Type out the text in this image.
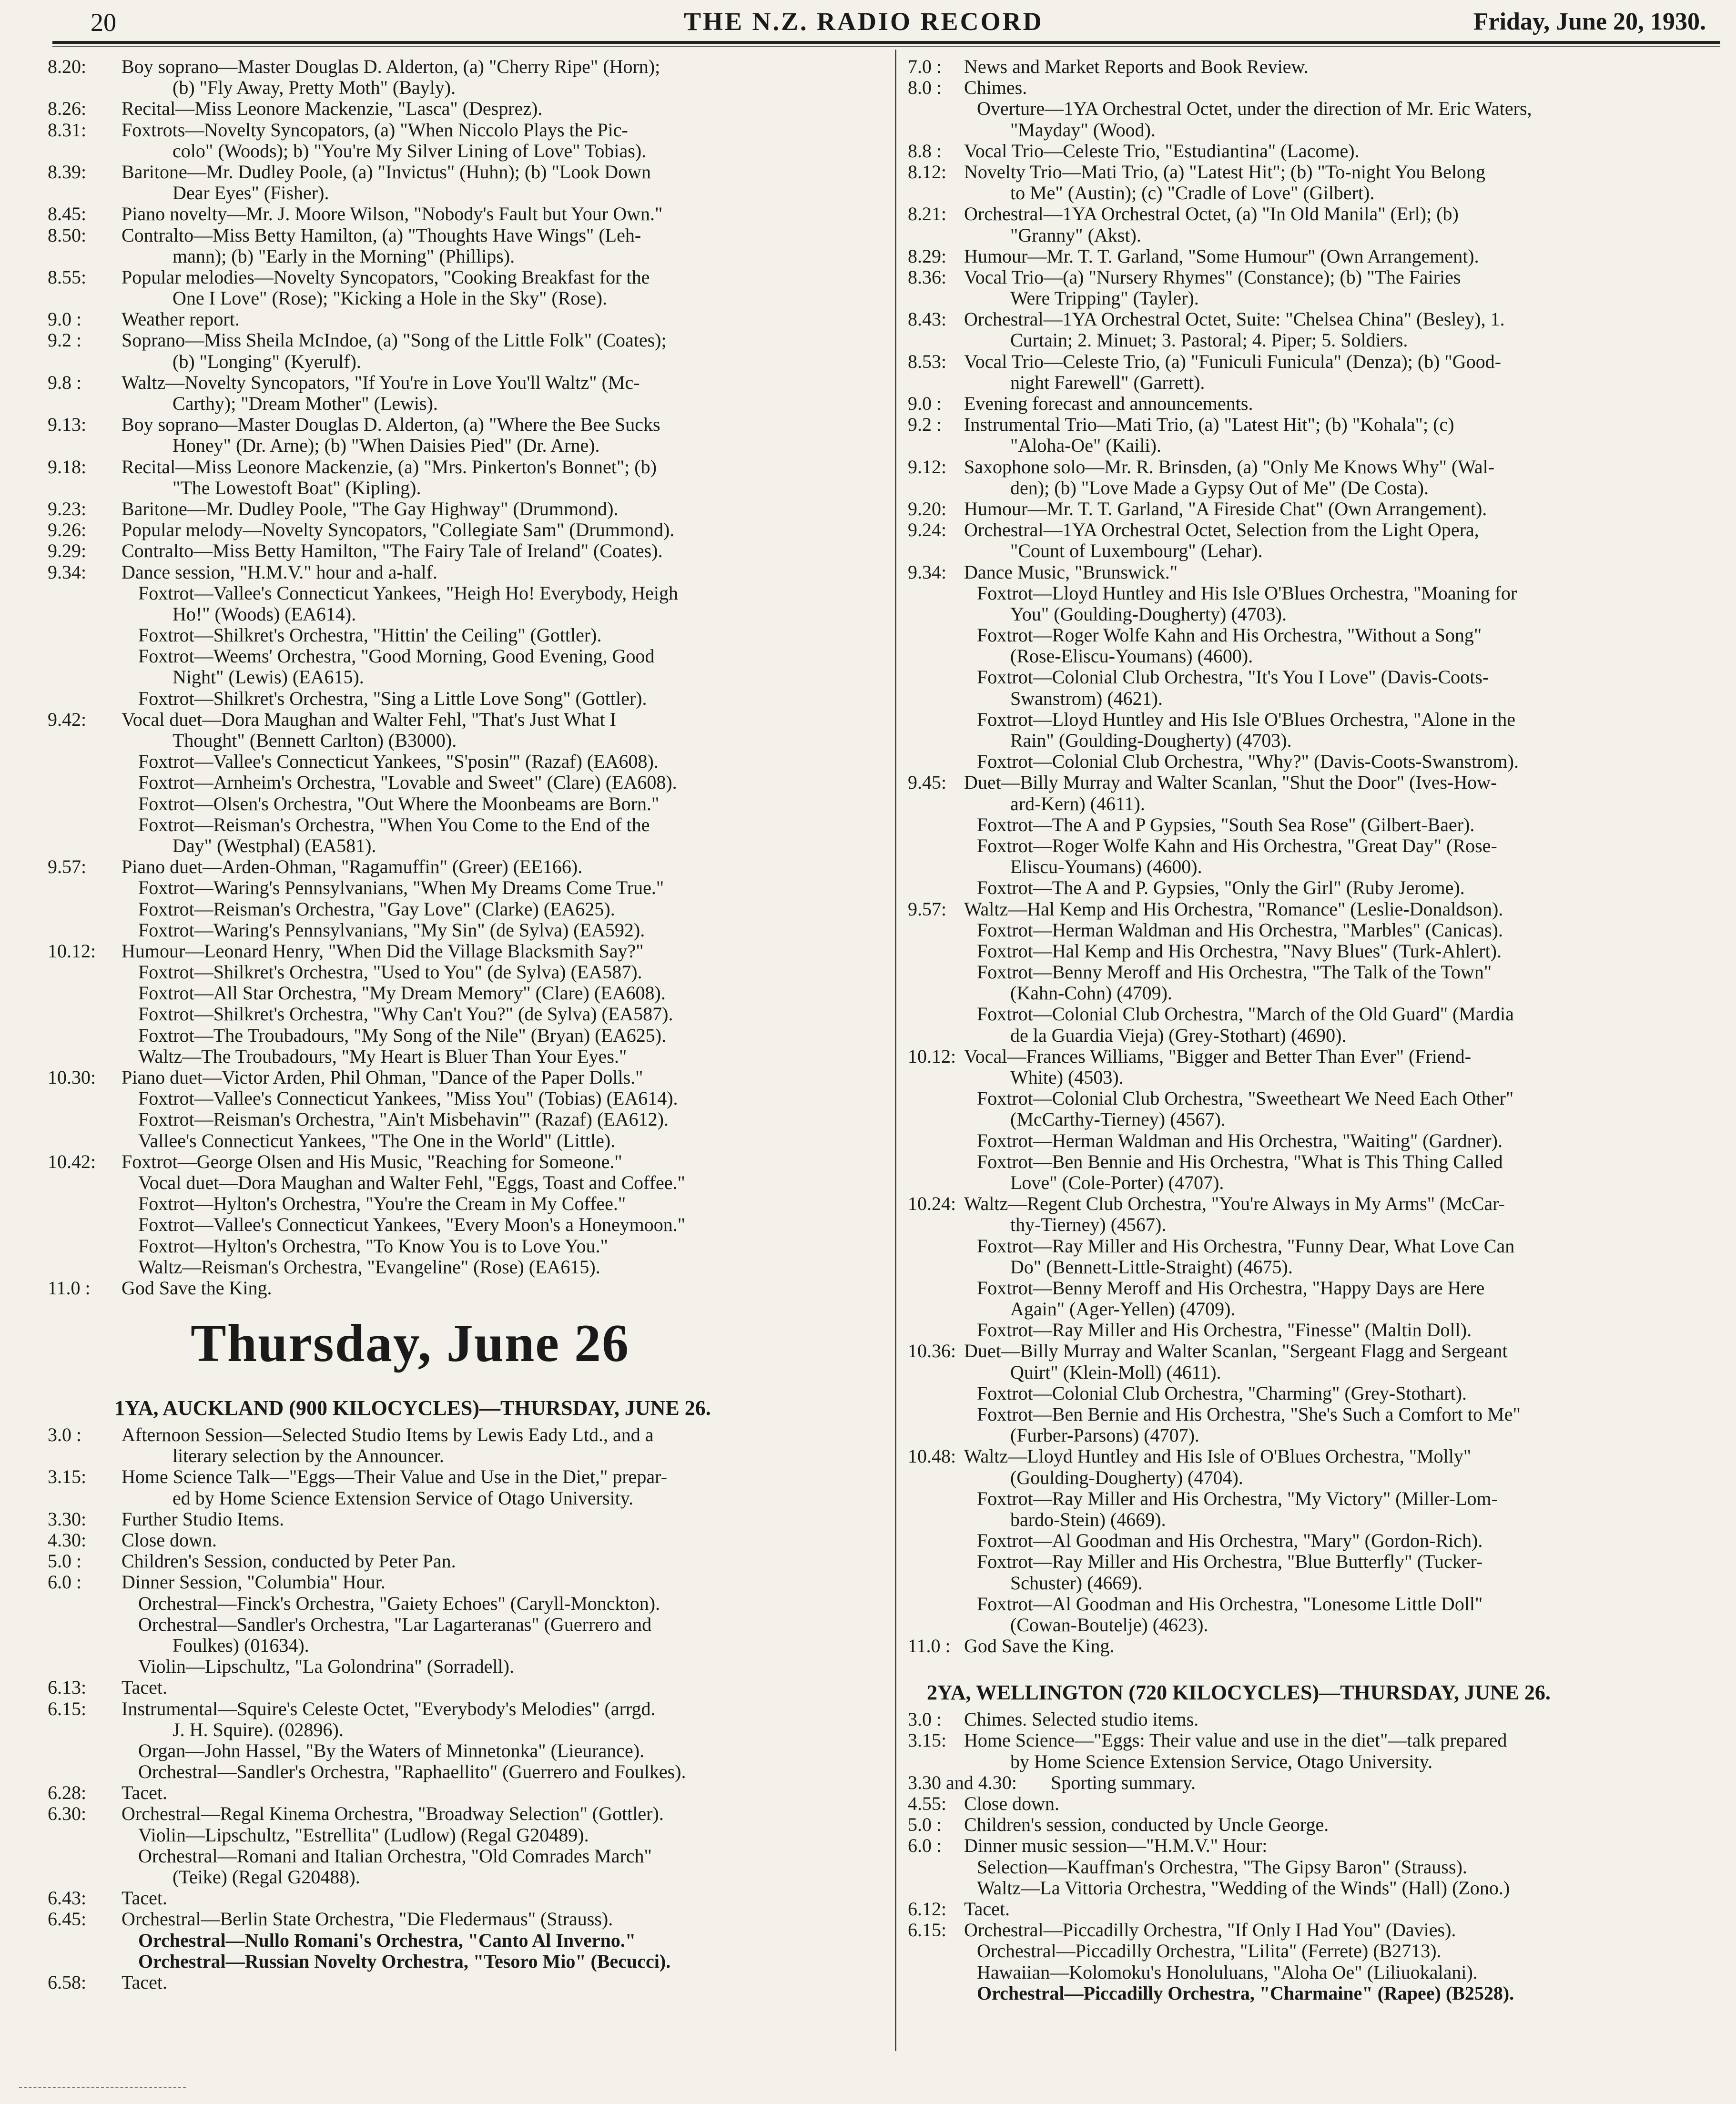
20	THE N.Z. RADIO RECORD	Friday, June 20, 1930.
8.20: Boy soprano—Master Douglas D. Alderton, (a) "Cherry Ripe" (Horn);
(b) "Fly Away, Pretty Moth" (Bayly).
8.26: Recital—Miss Leonore Mackenzie, "Lasca" (Desprez).
8.31: Foxtrots—Novelty Syncopators, (a) "When Niccolo Plays the Pic-
colo" (Woods); b) "You're My Silver Lining of Love" Tobias).
8.39: Baritone—Mr. Dudley Poole, (a) "Invictus" (Huhn); (b) "Look Down
Dear Eyes" (Fisher).
8.45: Piano novelty—Mr. J. Moore Wilson, "Nobody's Fault but Your Own."
8.50: Contralto—Miss Betty Hamilton, (a) "Thoughts Have Wings" (Leh-
mann); (b) "Early in the Morning" (Phillips).
8.55: Popular melodies—Novelty Syncopators, "Cooking Breakfast for the
One I Love" (Rose); "Kicking a Hole in the Sky" (Rose).
9.0 : Weather report.
9.2 : Soprano—Miss Sheila McIndoe, (a) "Song of the Little Folk" (Coates);
(b) "Longing" (Kyerulf).
9.8 : Waltz—Novelty Syncopators, "If You're in Love You'll Waltz" (Mc-
Carthy); "Dream Mother" (Lewis).
9.13: Boy soprano—Master Douglas D. Alderton, (a) "Where the Bee Sucks
Honey" (Dr. Arne); (b) "When Daisies Pied" (Dr. Arne).
9.18: Recital—Miss Leonore Mackenzie, (a) "Mrs. Pinkerton's Bonnet"; (b)
"The Lowestoft Boat" (Kipling).
9.23: Baritone—Mr. Dudley Poole, "The Gay Highway" (Drummond).
9.26: Popular melody—Novelty Syncopators, "Collegiate Sam" (Drummond).
9.29: Contralto—Miss Betty Hamilton, "The Fairy Tale of Ireland" (Coates).
9.34: Dance session, "H.M.V." hour and a-half.
Foxtrot—Vallee's Connecticut Yankees, "Heigh Ho! Everybody, Heigh
Ho!" (Woods) (EA614).
Foxtrot—Shilkret's Orchestra, "Hittin' the Ceiling" (Gottler).
Foxtrot—Weems' Orchestra, "Good Morning, Good Evening, Good
Night" (Lewis) (EA615).
Foxtrot—Shilkret's Orchestra, "Sing a Little Love Song" (Gottler).
9.42: Vocal duet—Dora Maughan and Walter Fehl, "That's Just What I
Thought" (Bennett Carlton) (B3000).
Foxtrot—Vallee's Connecticut Yankees, "S'posin'" (Razaf) (EA608).
Foxtrot—Arnheim's Orchestra, "Lovable and Sweet" (Clare) (EA608).
Foxtrot—Olsen's Orchestra, "Out Where the Moonbeams are Born."
Foxtrot—Reisman's Orchestra, "When You Come to the End of the
Day" (Westphal) (EA581).
9.57: Piano duet—Arden-Ohman, "Ragamuffin" (Greer) (EE166).
Foxtrot—Waring's Pennsylvanians, "When My Dreams Come True."
Foxtrot—Reisman's Orchestra, "Gay Love" (Clarke) (EA625).
Foxtrot—Waring's Pennsylvanians, "My Sin" (de Sylva) (EA592).
10.12: Humour—Leonard Henry, "When Did the Village Blacksmith Say?"
Foxtrot—Shilkret's Orchestra, "Used to You" (de Sylva) (EA587).
Foxtrot—All Star Orchestra, "My Dream Memory" (Clare) (EA608).
Foxtrot—Shilkret's Orchestra, "Why Can't You?" (de Sylva) (EA587).
Foxtrot—The Troubadours, "My Song of the Nile" (Bryan) (EA625).
Waltz—The Troubadours, "My Heart is Bluer Than Your Eyes."
10.30: Piano duet—Victor Arden, Phil Ohman, "Dance of the Paper Dolls."
Foxtrot—Vallee's Connecticut Yankees, "Miss You" (Tobias) (EA614).
Foxtrot—Reisman's Orchestra, "Ain't Misbehavin'" (Razaf) (EA612).
Vallee's Connecticut Yankees, "The One in the World" (Little).
10.42: Foxtrot—George Olsen and His Music, "Reaching for Someone."
Vocal duet—Dora Maughan and Walter Fehl, "Eggs, Toast and Coffee."
Foxtrot—Hylton's Orchestra, "You're the Cream in My Coffee."
Foxtrot—Vallee's Connecticut Yankees, "Every Moon's a Honeymoon."
Foxtrot—Hylton's Orchestra, "To Know You is to Love You."
Waltz—Reisman's Orchestra, "Evangeline" (Rose) (EA615).
11.0 : God Save the King.
Thursday, June 26
1YA, AUCKLAND (900 KILOCYCLES)—THURSDAY, JUNE 26.
3.0 : Afternoon Session—Selected Studio Items by Lewis Eady Ltd., and a
literary selection by the Announcer.
3.15: Home Science Talk—"Eggs—Their Value and Use in the Diet," prepar-
ed by Home Science Extension Service of Otago University.
3.30: Further Studio Items.
4.30: Close down.
5.0 : Children's Session, conducted by Peter Pan.
6.0 : Dinner Session, "Columbia" Hour.
Orchestral—Finck's Orchestra, "Gaiety Echoes" (Caryll-Monckton).
Orchestral—Sandler's Orchestra, "Lar Lagarteranas" (Guerrero and
Foulkes) (01634).
Violin—Lipschultz, "La Golondrina" (Sorradell).
6.13: Tacet.
6.15: Instrumental—Squire's Celeste Octet, "Everybody's Melodies" (arrgd.
J. H. Squire). (02896).
Organ—John Hassel, "By the Waters of Minnetonka" (Lieurance).
Orchestral—Sandler's Orchestra, "Raphaellito" (Guerrero and Foulkes).
6.28: Tacet.
6.30: Orchestral—Regal Kinema Orchestra, "Broadway Selection" (Gottler).
Violin—Lipschultz, "Estrellita" (Ludlow) (Regal G20489).
Orchestral—Romani and Italian Orchestra, "Old Comrades March"
(Teike) (Regal G20488).
6.43: Tacet.
6.45: Orchestral—Berlin State Orchestra, "Die Fledermaus" (Strauss).
Orchestral—Nullo Romani's Orchestra, "Canto Al Inverno."
Orchestral—Russian Novelty Orchestra, "Tesoro Mio" (Becucci).
6.58: Tacet.
7.0 : News and Market Reports and Book Review.
8.0 : Chimes.
Overture—1YA Orchestral Octet, under the direction of Mr. Eric Waters,
"Mayday" (Wood).
8.8 : Vocal Trio—Celeste Trio, "Estudiantina" (Lacome).
8.12: Novelty Trio—Mati Trio, (a) "Latest Hit"; (b) "To-night You Belong
to Me" (Austin); (c) "Cradle of Love" (Gilbert).
8.21: Orchestral—1YA Orchestral Octet, (a) "In Old Manila" (Erl); (b)
"Granny" (Akst).
8.29: Humour—Mr. T. T. Garland, "Some Humour" (Own Arrangement).
8.36: Vocal Trio—(a) "Nursery Rhymes" (Constance); (b) "The Fairies
Were Tripping" (Tayler).
8.43: Orchestral—1YA Orchestral Octet, Suite: "Chelsea China" (Besley), 1.
Curtain; 2. Minuet; 3. Pastoral; 4. Piper; 5. Soldiers.
8.53: Vocal Trio—Celeste Trio, (a) "Funiculi Funicula" (Denza); (b) "Good-
night Farewell" (Garrett).
9.0 : Evening forecast and announcements.
9.2 : Instrumental Trio—Mati Trio, (a) "Latest Hit"; (b) "Kohala"; (c)
"Aloha-Oe" (Kaili).
9.12: Saxophone solo—Mr. R. Brinsden, (a) "Only Me Knows Why" (Wal-
den); (b) "Love Made a Gypsy Out of Me" (De Costa).
9.20: Humour—Mr. T. T. Garland, "A Fireside Chat" (Own Arrangement).
9.24: Orchestral—1YA Orchestral Octet, Selection from the Light Opera,
"Count of Luxembourg" (Lehar).
9.34: Dance Music, "Brunswick."
Foxtrot—Lloyd Huntley and His Isle O'Blues Orchestra, "Moaning for
You" (Goulding-Dougherty) (4703).
Foxtrot—Roger Wolfe Kahn and His Orchestra, "Without a Song"
(Rose-Eliscu-Youmans) (4600).
Foxtrot—Colonial Club Orchestra, "It's You I Love" (Davis-Coots-
Swanstrom) (4621).
Foxtrot—Lloyd Huntley and His Isle O'Blues Orchestra, "Alone in the
Rain" (Goulding-Dougherty) (4703).
Foxtrot—Colonial Club Orchestra, "Why?" (Davis-Coots-Swanstrom).
9.45: Duet—Billy Murray and Walter Scanlan, "Shut the Door" (Ives-How-
ard-Kern) (4611).
Foxtrot—The A and P Gypsies, "South Sea Rose" (Gilbert-Baer).
Foxtrot—Roger Wolfe Kahn and His Orchestra, "Great Day" (Rose-
Eliscu-Youmans) (4600).
Foxtrot—The A and P. Gypsies, "Only the Girl" (Ruby Jerome).
9.57: Waltz—Hal Kemp and His Orchestra, "Romance" (Leslie-Donaldson).
Foxtrot—Herman Waldman and His Orchestra, "Marbles" (Canicas).
Foxtrot—Hal Kemp and His Orchestra, "Navy Blues" (Turk-Ahlert).
Foxtrot—Benny Meroff and His Orchestra, "The Talk of the Town"
(Kahn-Cohn) (4709).
Foxtrot—Colonial Club Orchestra, "March of the Old Guard" (Mardia
de la Guardia Vieja) (Grey-Stothart) (4690).
10.12: Vocal—Frances Williams, "Bigger and Better Than Ever" (Friend-
White) (4503).
Foxtrot—Colonial Club Orchestra, "Sweetheart We Need Each Other"
(McCarthy-Tierney) (4567).
Foxtrot—Herman Waldman and His Orchestra, "Waiting" (Gardner).
Foxtrot—Ben Bennie and His Orchestra, "What is This Thing Called
Love" (Cole-Porter) (4707).
10.24: Waltz—Regent Club Orchestra, "You're Always in My Arms" (McCar-
thy-Tierney) (4567).
Foxtrot—Ray Miller and His Orchestra, "Funny Dear, What Love Can
Do" (Bennett-Little-Straight) (4675).
Foxtrot—Benny Meroff and His Orchestra, "Happy Days are Here
Again" (Ager-Yellen) (4709).
Foxtrot—Ray Miller and His Orchestra, "Finesse" (Maltin Doll).
10.36: Duet—Billy Murray and Walter Scanlan, "Sergeant Flagg and Sergeant
Quirt" (Klein-Moll) (4611).
Foxtrot—Colonial Club Orchestra, "Charming" (Grey-Stothart).
Foxtrot—Ben Bernie and His Orchestra, "She's Such a Comfort to Me"
(Furber-Parsons) (4707).
10.48: Waltz—Lloyd Huntley and His Isle of O'Blues Orchestra, "Molly"
(Goulding-Dougherty) (4704).
Foxtrot—Ray Miller and His Orchestra, "My Victory" (Miller-Lom-
bardo-Stein) (4669).
Foxtrot—Al Goodman and His Orchestra, "Mary" (Gordon-Rich).
Foxtrot—Ray Miller and His Orchestra, "Blue Butterfly" (Tucker-
Schuster) (4669).
Foxtrot—Al Goodman and His Orchestra, "Lonesome Little Doll"
(Cowan-Boutelje) (4623).
11.0 : God Save the King.
2YA, WELLINGTON (720 KILOCYCLES)—THURSDAY, JUNE 26.
3.0 : Chimes. Selected studio items.
3.15: Home Science—"Eggs: Their value and use in the diet"—talk prepared
by Home Science Extension Service, Otago University.
3.30 and 4.30: Sporting summary.
4.55: Close down.
5.0 : Children's session, conducted by Uncle George.
6.0 : Dinner music session—"H.M.V." Hour:
Selection—Kauffman's Orchestra, "The Gipsy Baron" (Strauss).
Waltz—La Vittoria Orchestra, "Wedding of the Winds" (Hall) (Zono.)
6.12: Tacet.
6.15: Orchestral—Piccadilly Orchestra, "If Only I Had You" (Davies).
Orchestral—Piccadilly Orchestra, "Lilita" (Ferrete) (B2713).
Hawaiian—Kolomoku's Honoluluans, "Aloha Oe" (Liliuokalani).
Orchestral—Piccadilly Orchestra, "Charmaine" (Rapee) (B2528).
